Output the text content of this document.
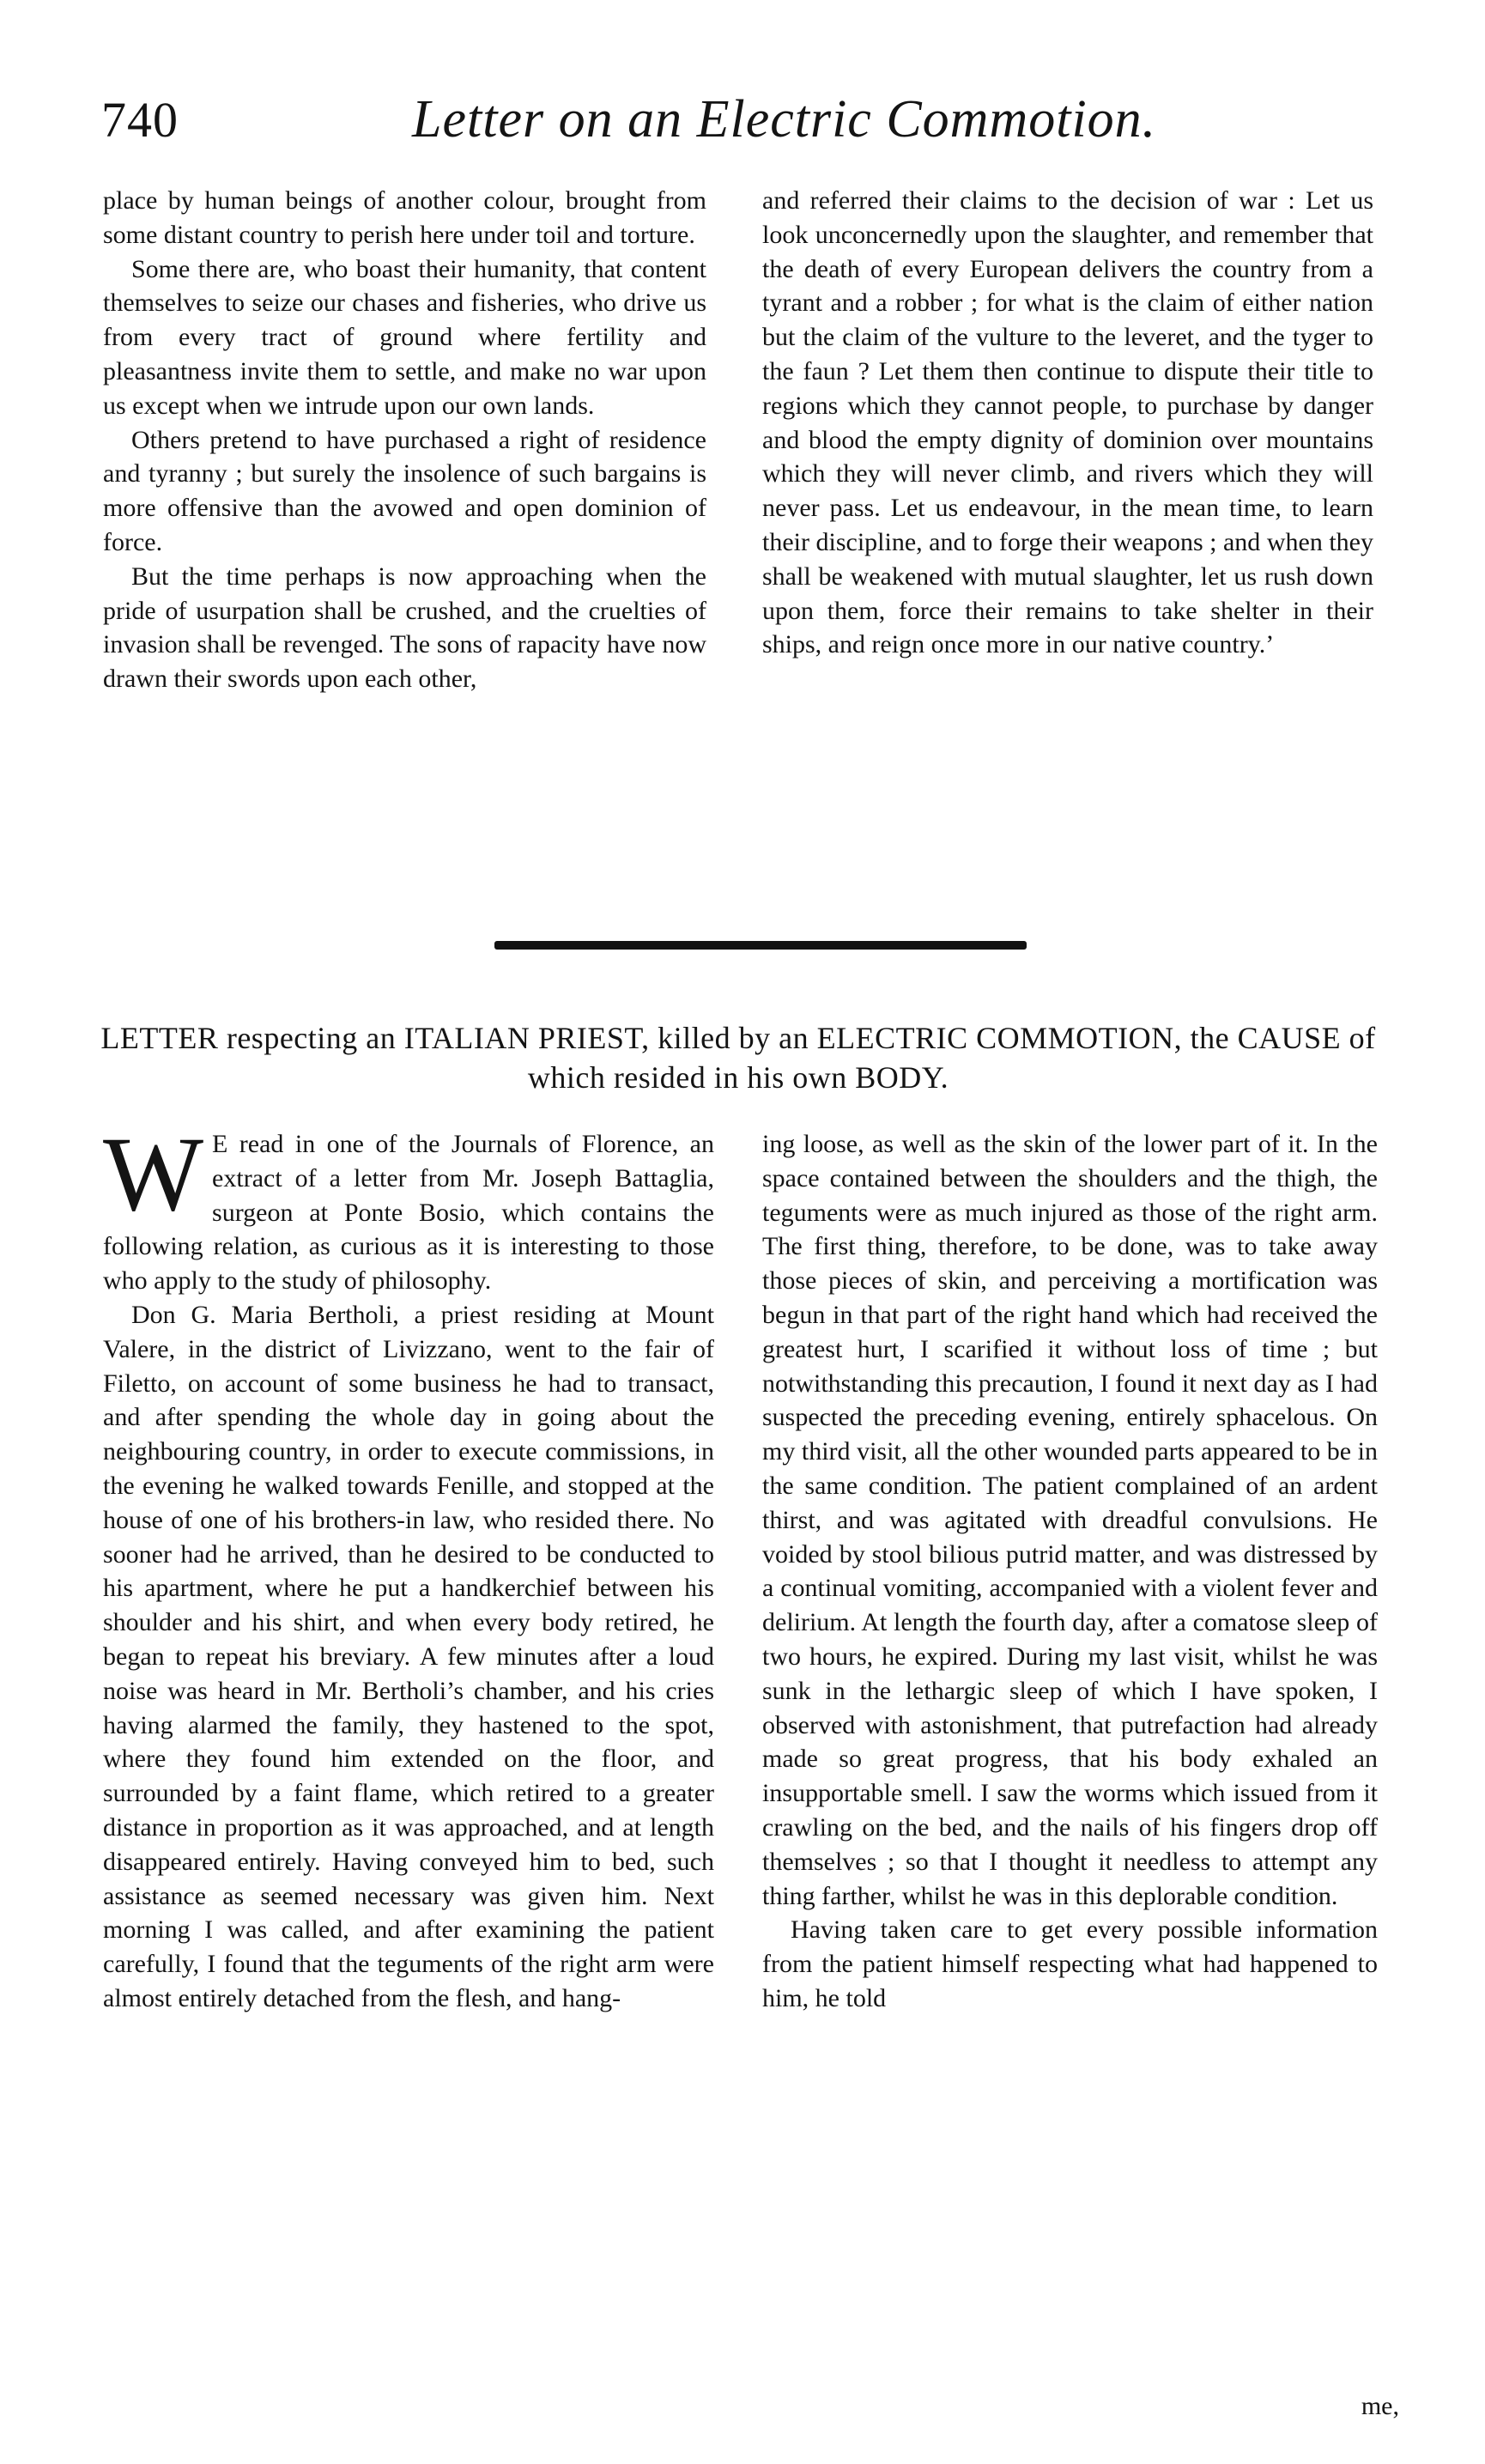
740	Letter on an Electric Commotion.

place by human beings of another colour, brought from some distant country to perish here under toil and torture.

Some there are, who boast their humanity, that content themselves to seize our chases and fisheries, who drive us from every tract of ground where fertility and pleasantness invite them to settle, and make no war upon us except when we intrude upon our own lands.

Others pretend to have purchased a right of residence and tyranny ; but surely the insolence of such bargains is more offensive than the avowed and open dominion of force.

But the time perhaps is now approaching when the pride of usurpation shall be crushed, and the cruelties of invasion shall be revenged. The sons of rapacity have now drawn their swords upon each other,

and referred their claims to the decision of war : Let us look unconcernedly upon the slaughter, and remember that the death of every European delivers the country from a tyrant and a robber ; for what is the claim of either nation but the claim of the vulture to the leveret, and the tyger to the faun ? Let them then continue to dispute their title to regions which they cannot people, to purchase by danger and blood the empty dignity of dominion over mountains which they will never climb, and rivers which they will never pass. Let us endeavour, in the mean time, to learn their discipline, and to forge their weapons ; and when they shall be weakened with mutual slaughter, let us rush down upon them, force their remains to take shelter in their ships, and reign once more in our native country.’

LETTER respecting an ITALIAN PRIEST, killed by an ELECTRIC COMMOTION, the CAUSE of which resided in his own BODY.

W E read in one of the Journals of Florence, an extract of a letter from Mr. Joseph Battaglia, surgeon at Ponte Bosio, which contains the following relation, as curious as it is interesting to those who apply to the study of philosophy.

Don G. Maria Bertholi, a priest residing at Mount Valere, in the district of Livizzano, went to the fair of Filetto, on account of some business he had to transact, and after spending the whole day in going about the neighbouring country, in order to execute commissions, in the evening he walked towards Fenille, and stopped at the house of one of his brothers-in law, who resided there. No sooner had he arrived, than he desired to be conducted to his apartment, where he put a handkerchief between his shoulder and his shirt, and when every body retired, he began to repeat his breviary. A few minutes after a loud noise was heard in Mr. Bertholi’s chamber, and his cries having alarmed the family, they hastened to the spot, where they found him extended on the floor, and surrounded by a faint flame, which retired to a greater distance in proportion as it was approached, and at length disappeared entirely. Having conveyed him to bed, such assistance as seemed necessary was given him. Next morning I was called, and after examining the patient carefully, I found that the teguments of the right arm were almost entirely detached from the flesh, and hang-

ing loose, as well as the skin of the lower part of it. In the space contained between the shoulders and the thigh, the teguments were as much injured as those of the right arm. The first thing, therefore, to be done, was to take away those pieces of skin, and perceiving a mortification was begun in that part of the right hand which had received the greatest hurt, I scarified it without loss of time ; but notwithstanding this precaution, I found it next day as I had suspected the preceding evening, entirely sphacelous. On my third visit, all the other wounded parts appeared to be in the same condition. The patient complained of an ardent thirst, and was agitated with dreadful convulsions. He voided by stool bilious putrid matter, and was distressed by a continual vomiting, accompanied with a violent fever and delirium. At length the fourth day, after a comatose sleep of two hours, he expired. During my last visit, whilst he was sunk in the lethargic sleep of which I have spoken, I observed with astonishment, that putrefaction had already made so great progress, that his body exhaled an insupportable smell. I saw the worms which issued from it crawling on the bed, and the nails of his fingers drop off themselves ; so that I thought it needless to attempt any thing farther, whilst he was in this deplorable condition.

Having taken care to get every possible information from the patient himself respecting what had happened to him, he told

me,
